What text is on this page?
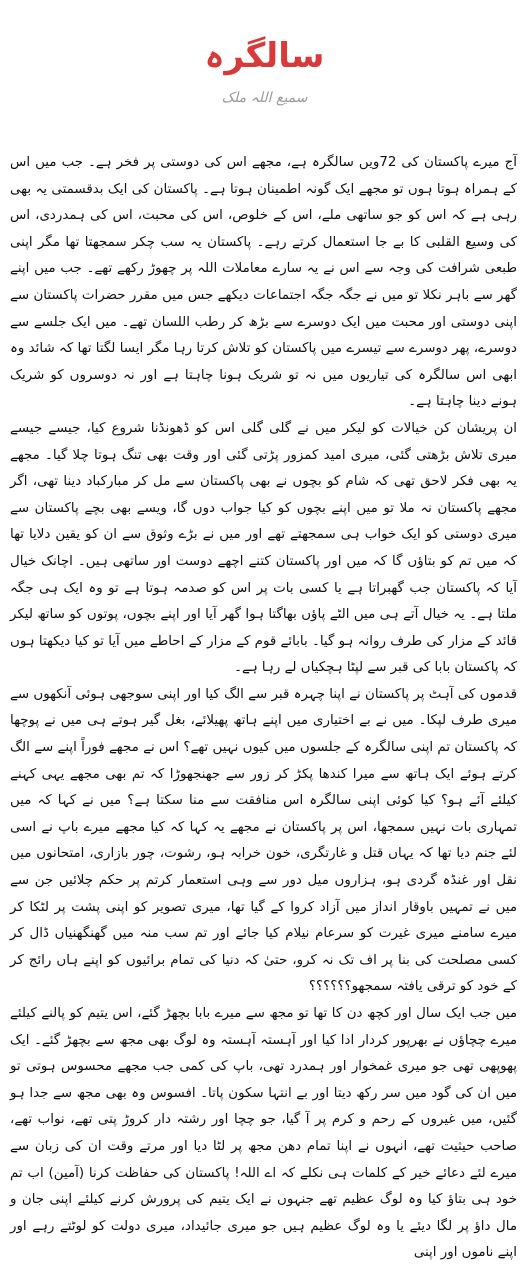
سالگرہ
سمیع اللہ ملک

آج میرے پاکستان کی 72ویں سالگرہ ہے، مجھے اس کی دوستی پر فخر ہے۔ جب میں اس کے ہمراہ ہوتا ہوں تو مجھے ایک گونہ اطمینان ہوتا ہے۔ پاکستان کی ایک بدقسمتی یہ بھی رہی ہے کہ اس کو جو ساتھی ملے، اس کے خلوص، اس کی محبت، اس کی ہمدردی، اس کی وسیع القلبی کا بے جا استعمال کرتے رہے۔ پاکستان یہ سب چکر سمجھتا تھا مگر اپنی طبعی شرافت کی وجہ سے اس نے یہ سارے معاملات اللہ پر چھوڑ رکھے تھے۔ جب میں اپنے گھر سے باہر نکلا تو میں نے جگہ جگہ اجتماعات دیکھے جس میں مقرر حضرات پاکستان سے اپنی دوستی اور محبت میں ایک دوسرے سے بڑھ کر رطب اللسان تھے۔ میں ایک جلسے سے دوسرے، پھر دوسرے سے تیسرے میں پاکستان کو تلاش کرتا رہا مگر ایسا لگتا تھا کہ شائد وہ ابھی اس سالگرہ کی تیاریوں میں نہ تو شریک ہونا چاہتا ہے اور نہ دوسروں کو شریک ہونے دینا چاہتا ہے۔

ان پریشان کن خیالات کو لیکر میں نے گلی گلی اس کو ڈھونڈنا شروع کیا، جیسے جیسے میری تلاش بڑھتی گئی، میری امید کمزور پڑتی گئی اور وقت بھی تنگ ہوتا چلا گیا۔ مجھے یہ بھی فکر لاحق تھی کہ شام کو بچوں نے بھی پاکستان سے مل کر مبارکباد دینا تھی، اگر مجھے پاکستان نہ ملا تو میں اپنے بچوں کو کیا جواب دوں گا، ویسے بھی بچے پاکستان سے میری دوستی کو ایک خواب ہی سمجھتے تھے اور میں نے بڑے وثوق سے ان کو یقین دلایا تھا کہ میں تم کو بتاؤں گا کہ میں اور پاکستان کتنے اچھے دوست اور ساتھی ہیں۔ اچانک خیال آیا کہ پاکستان جب گھبراتا ہے یا کسی بات پر اس کو صدمہ ہوتا ہے تو وہ ایک ہی جگہ ملتا ہے۔ یہ خیال آتے ہی میں الٹے پاؤں بھاگتا ہوا گھر آیا اور اپنے بچوں، پوتوں کو ساتھ لیکر قائد کے مزار کی طرف روانہ ہو گیا۔ بابائے قوم کے مزار کے احاطے میں آیا تو کیا دیکھتا ہوں کہ پاکستان بابا کی قبر سے لپٹا ہچکیاں لے رہا ہے۔

قدموں کی آہٹ پر پاکستان نے اپنا چہرہ قبر سے الگ کیا اور اپنی سوجھی ہوئی آنکھوں سے میری طرف لپکا۔ میں نے بے اختیاری میں اپنے ہاتھ پھیلائے، بغل گیر ہوتے ہی میں نے پوچھا کہ پاکستان تم اپنی سالگرہ کے جلسوں میں کیوں نہیں تھے؟ اس نے مجھے فوراً اپنے سے الگ کرتے ہوئے ایک ہاتھ سے میرا کندھا پکڑ کر زور سے جھنجھوڑا کہ تم بھی مجھے یہی کہنے کیلئے آئے ہو؟ کیا کوئی اپنی سالگرہ اس منافقت سے منا سکتا ہے؟ میں نے کہا کہ میں تمہاری بات نہیں سمجھا، اس پر پاکستان نے مجھے یہ کہا کہ کیا مجھے میرے باپ نے اسی لئے جنم دیا تھا کہ یہاں قتل و غارتگری، خون خرابہ ہو، رشوت، چور بازاری، امتحانوں میں نقل اور غنڈہ گردی ہو، ہزاروں میل دور سے وہی استعمار کرتم پر حکم چلائیں جن سے میں نے تمہیں باوقار انداز میں آزاد کروا کے گیا تھا، میری تصویر کو اپنی پشت پر لٹکا کر میرے سامنے میری غیرت کو سرعام نیلام کیا جائے اور تم سب منہ میں گھنگھنیاں ڈال کر کسی مصلحت کی بنا پر اف تک نہ کرو، حتیٰ کہ دنیا کی تمام برائیوں کو اپنے ہاں رائج کر کے خود کو ترقی یافتہ سمجھو؟؟؟؟؟؟

میں جب ایک سال اور کچھ دن کا تھا تو مجھ سے میرے بابا بچھڑ گئے، اس یتیم کو پالنے کیلئے میرے چچاؤں نے بھرپور کردار ادا کیا اور آہستہ آہستہ وہ لوگ بھی مجھ سے بچھڑ گئے۔ ایک پھوپھی تھی جو میری غمخوار اور ہمدرد تھی، باپ کی کمی جب مجھے محسوس ہوتی تو میں ان کی گود میں سر رکھ دیتا اور بے انتہا سکون پاتا۔ افسوس وہ بھی مجھ سے جدا ہو گئیں، میں غیروں کے رحم و کرم پر آ گیا، جو چچا اور رشتہ دار کروڑ پتی تھے، نواب تھے، صاحب حیثیت تھے، انہوں نے اپنا تمام دھن مجھ پر لٹا دیا اور مرتے وقت ان کی زبان سے میرے لئے دعائے خیر کے کلمات ہی نکلے کہ اے اللہ! پاکستان کی حفاظت کرنا (آمین) اب تم خود ہی بتاؤ کیا وہ لوگ عظیم تھے جنہوں نے ایک یتیم کی پرورش کرنے کیلئے اپنی جان و مال داؤ پر لگا دیئے یا وہ لوگ عظیم ہیں جو میری جائیداد، میری دولت کو لوٹتے رہے اور اپنے ناموں اور اپنی
